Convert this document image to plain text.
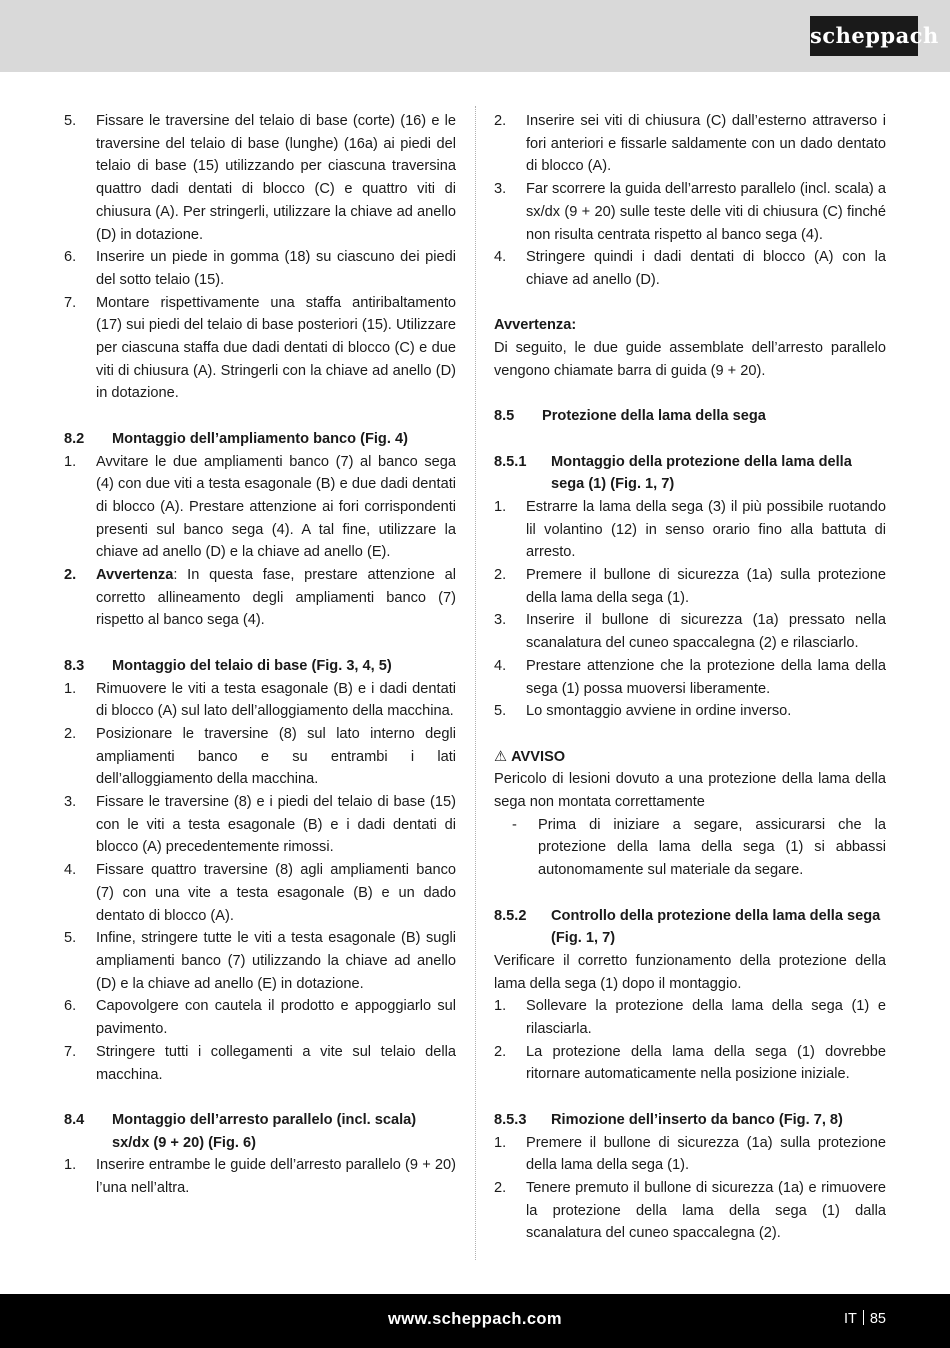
scheppach
5. Fissare le traversine del telaio di base (corte) (16) e le traversine del telaio di base (lunghe) (16a) ai piedi del telaio di base (15) utilizzando per ciascuna traversina quattro dadi dentati di blocco (C) e quattro viti di chiusura (A). Per stringerli, utilizzare la chiave ad anello (D) in dotazione.
6. Inserire un piede in gomma (18) su ciascuno dei piedi del sotto telaio (15).
7. Montare rispettivamente una staffa antiribaltamento (17) sui piedi del telaio di base posteriori (15). Utilizzare per ciascuna staffa due dadi dentati di blocco (C) e due viti di chiusura (A). Stringerli con la chiave ad anello (D) in dotazione.
8.2 Montaggio dell’ampliamento banco (Fig. 4)
1. Avvitare le due ampliamenti banco (7) al banco sega (4) con due viti a testa esagonale (B) e due dadi dentati di blocco (A). Prestare attenzione ai fori corrispondenti presenti sul banco sega (4). A tal fine, utilizzare la chiave ad anello (D) e la chiave ad anello (E).
2. Avvertenza: In questa fase, prestare attenzione al corretto allineamento degli ampliamenti banco (7) rispetto al banco sega (4).
8.3 Montaggio del telaio di base (Fig. 3, 4, 5)
1. Rimuovere le viti a testa esagonale (B) e i dadi dentati di blocco (A) sul lato dell’alloggiamento della macchina.
2. Posizionare le traversine (8) sul lato interno degli ampliamenti banco e su entrambi i lati dell’alloggiamento della macchina.
3. Fissare le traversine (8) e i piedi del telaio di base (15) con le viti a testa esagonale (B) e i dadi dentati di blocco (A) precedentemente rimossi.
4. Fissare quattro traversine (8) agli ampliamenti banco (7) con una vite a testa esagonale (B) e un dado dentato di blocco (A).
5. Infine, stringere tutte le viti a testa esagonale (B) sugli ampliamenti banco (7) utilizzando la chiave ad anello (D) e la chiave ad anello (E) in dotazione.
6. Capovolgere con cautela il prodotto e appoggiarlo sul pavimento.
7. Stringere tutti i collegamenti a vite sul telaio della macchina.
8.4 Montaggio dell’arresto parallelo (incl. scala) sx/dx (9 + 20) (Fig. 6)
1. Inserire entrambe le guide dell’arresto parallelo (9 + 20) l’una nell’altra.
2. Inserire sei viti di chiusura (C) dall’esterno attraverso i fori anteriori e fissarle saldamente con un dado dentato di blocco (A).
3. Far scorrere la guida dell’arresto parallelo (incl. scala) a sx/dx (9 + 20) sulle teste delle viti di chiusura (C) finché non risulta centrata rispetto al banco sega (4).
4. Stringere quindi i dadi dentati di blocco (A) con la chiave ad anello (D).
Avvertenza:
Di seguito, le due guide assemblate dell’arresto parallelo vengono chiamate barra di guida (9 + 20).
8.5 Protezione della lama della sega
8.5.1 Montaggio della protezione della lama della sega (1) (Fig. 1, 7)
1. Estrarre la lama della sega (3) il più possibile ruotando lil volantino (12) in senso orario fino alla battuta di arresto.
2. Premere il bullone di sicurezza (1a) sulla protezione della lama della sega (1).
3. Inserire il bullone di sicurezza (1a) pressato nella scanalatura del cuneo spaccalegna (2) e rilasciarlo.
4. Prestare attenzione che la protezione della lama della sega (1) possa muoversi liberamente.
5. Lo smontaggio avviene in ordine inverso.
⚠ AVVISO
Pericolo di lesioni dovuto a una protezione della lama della sega non montata correttamente
- Prima di iniziare a segare, assicurarsi che la protezione della lama della sega (1) si abbassi autonomamente sul materiale da segare.
8.5.2 Controllo della protezione della lama della sega (Fig. 1, 7)
Verificare il corretto funzionamento della protezione della lama della sega (1) dopo il montaggio.
1. Sollevare la protezione della lama della sega (1) e rilasciarla.
2. La protezione della lama della sega (1) dovrebbe ritornare automaticamente nella posizione iniziale.
8.5.3 Rimozione dell’inserto da banco (Fig. 7, 8)
1. Premere il bullone di sicurezza (1a) sulla protezione della lama della sega (1).
2. Tenere premuto il bullone di sicurezza (1a) e rimuovere la protezione della lama della sega (1) dalla scanalatura del cuneo spaccalegna (2).
www.scheppach.com	IT 85
